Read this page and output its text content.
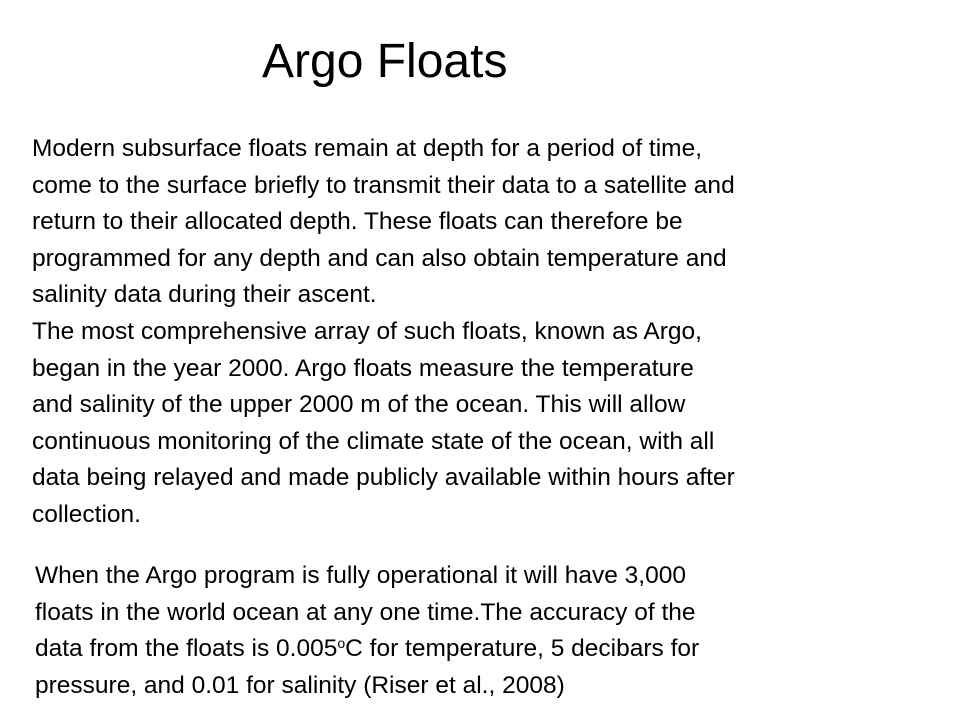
Argo Floats

Modern subsurface floats remain at depth for a period of time,
come to the surface briefly to transmit their data to a satellite and
return to their allocated depth. These floats can therefore be
programmed for any depth and can also obtain temperature and
salinity data during their ascent.

The most comprehensive array of such floats, known as Argo,
began in the year 2000. Argo floats measure the temperature
and salinity of the upper 2000 m of the ocean. This will allow
continuous monitoring of the climate state of the ocean, with all
data being relayed and made publicly available within hours after
collection.

When the Argo program is fully operational it will have 3,000
floats in the world ocean at any one time.The accuracy of the
data from the floats is 0.005$^o$C for temperature, 5 decibars for
pressure, and 0.01 for salinity (Riser et al., 2008)
